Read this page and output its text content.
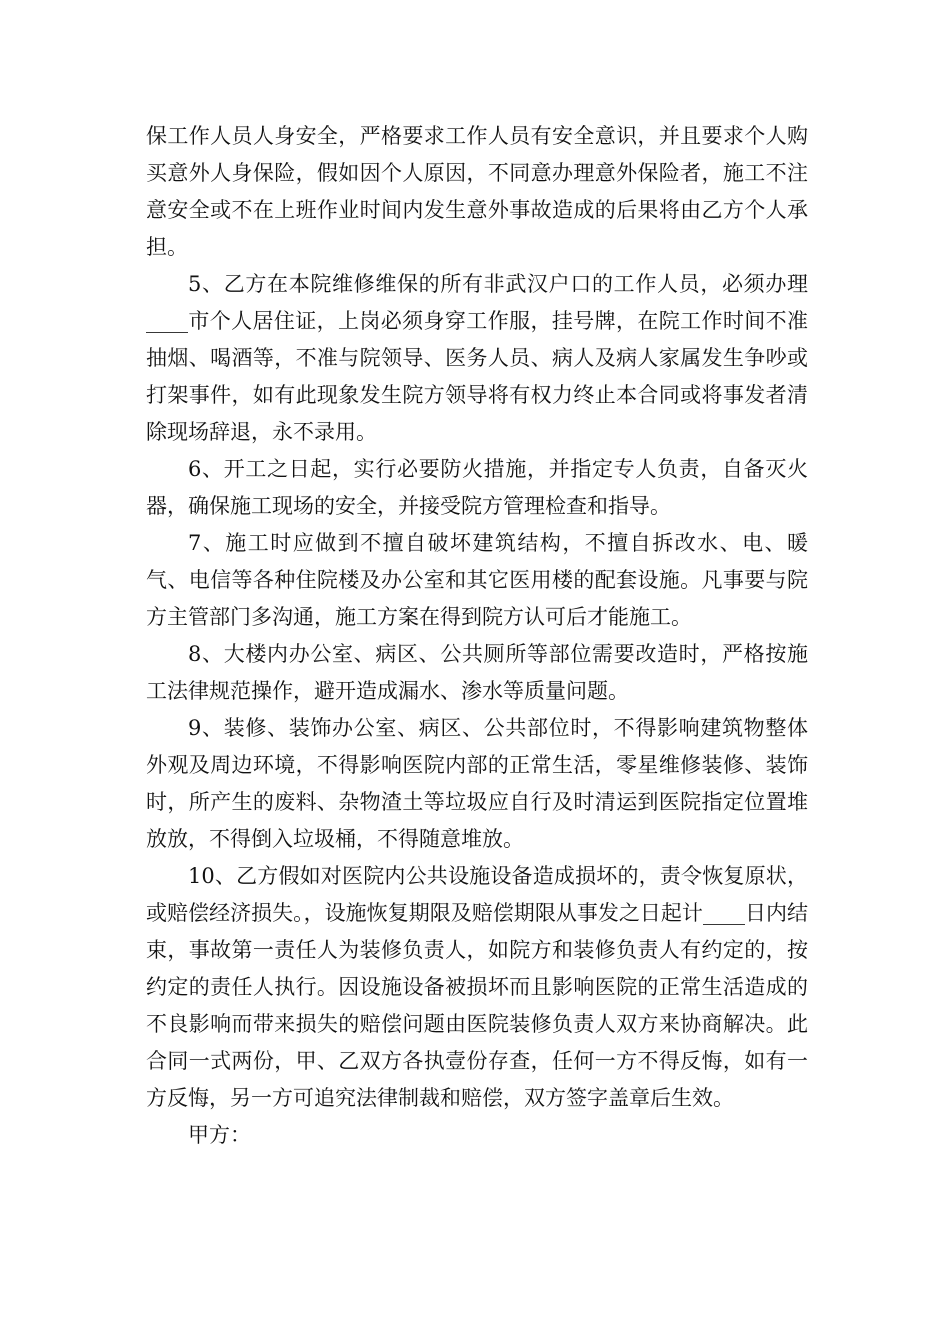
保工作人员人身安全，严格要求工作人员有安全意识，并且要求个人购买意外人身保险，假如因个人原因，不同意办理意外保险者，施工不注意安全或不在上班作业时间内发生意外事故造成的后果将由乙方个人承担。

5、乙方在本院维修维保的所有非武汉户口的工作人员，必须办理____市个人居住证，上岗必须身穿工作服，挂号牌，在院工作时间不准抽烟、喝酒等，不准与院领导、医务人员、病人及病人家属发生争吵或打架事件，如有此现象发生院方领导将有权力终止本合同或将事发者清除现场辞退，永不录用。

6、开工之日起，实行必要防火措施，并指定专人负责，自备灭火器，确保施工现场的安全，并接受院方管理检查和指导。

7、施工时应做到不擅自破坏建筑结构，不擅自拆改水、电、暖气、电信等各种住院楼及办公室和其它医用楼的配套设施。凡事要与院方主管部门多沟通，施工方案在得到院方认可后才能施工。

8、大楼内办公室、病区、公共厕所等部位需要改造时，严格按施工法律规范操作，避开造成漏水、渗水等质量问题。

9、装修、装饰办公室、病区、公共部位时，不得影响建筑物整体外观及周边环境，不得影响医院内部的正常生活，零星维修装修、装饰时，所产生的废料、杂物渣土等垃圾应自行及时清运到医院指定位置堆放放，不得倒入垃圾桶，不得随意堆放。

10、乙方假如对医院内公共设施设备造成损坏的，责令恢复原状，或赔偿经济损失。，设施恢复期限及赔偿期限从事发之日起计____日内结束，事故第一责任人为装修负责人，如院方和装修负责人有约定的，按约定的责任人执行。因设施设备被损坏而且影响医院的正常生活造成的不良影响而带来损失的赔偿问题由医院装修负责人双方来协商解决。此合同一式两份，甲、乙双方各执壹份存查，任何一方不得反悔，如有一方反悔，另一方可追究法律制裁和赔偿，双方签字盖章后生效。

甲方：
